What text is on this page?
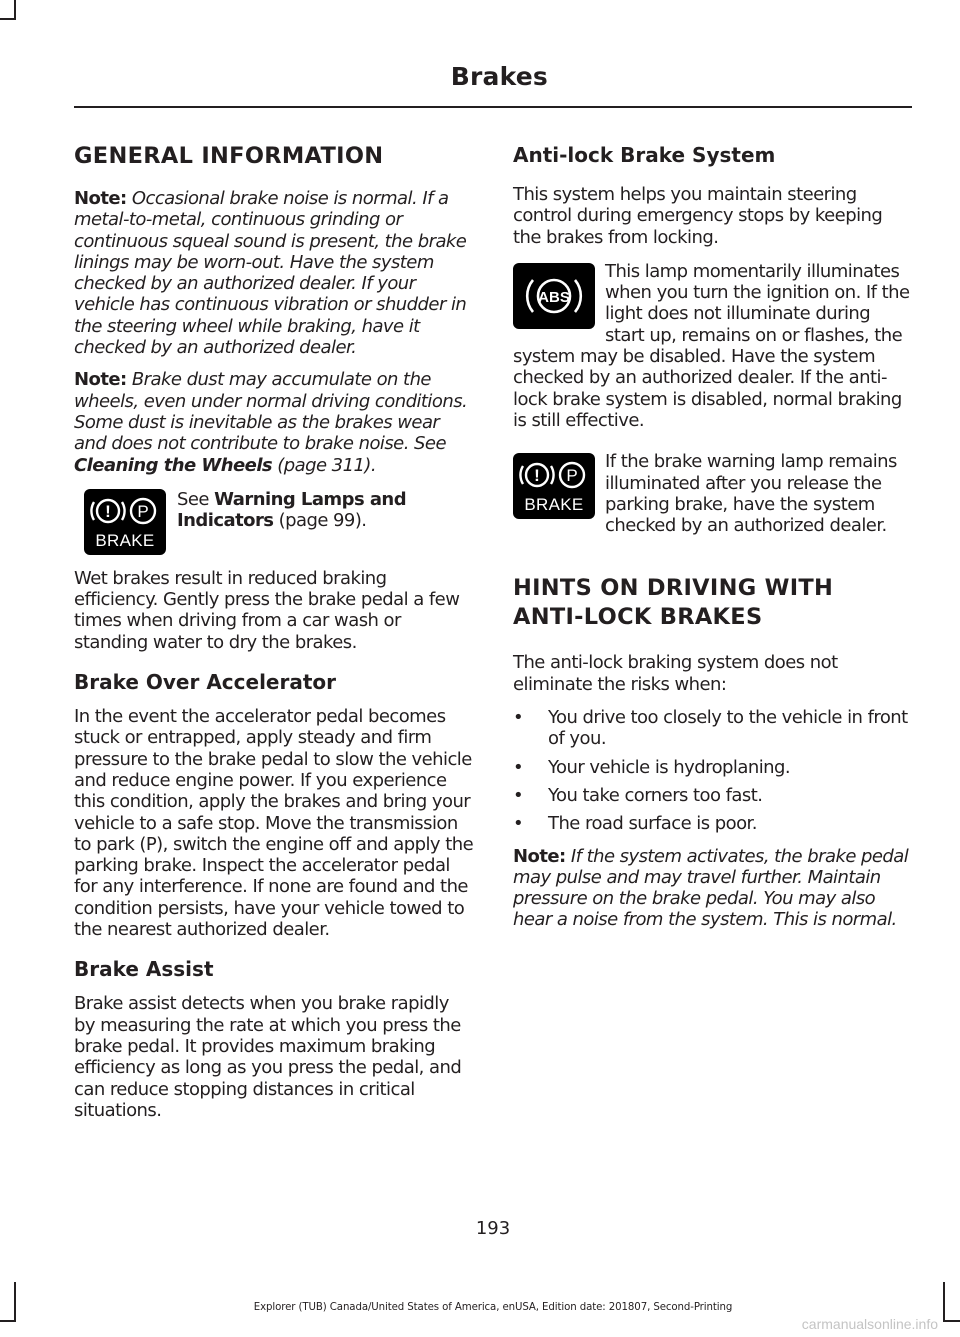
Brakes
GENERAL INFORMATION

Note: Occasional brake noise is normal. If a metal-to-metal, continuous grinding or continuous squeal sound is present, the brake linings may be worn-out. Have the system checked by an authorized dealer. If your vehicle has continuous vibration or shudder in the steering wheel while braking, have it checked by an authorized dealer.

Note: Brake dust may accumulate on the wheels, even under normal driving conditions. Some dust is inevitable as the brakes wear and does not contribute to brake noise. See Cleaning the Wheels (page 311).

! P
BRAKE

See Warning Lamps and Indicators (page 99).

Wet brakes result in reduced braking efficiency. Gently press the brake pedal a few times when driving from a car wash or standing water to dry the brakes.

Brake Over Accelerator

In the event the accelerator pedal becomes stuck or entrapped, apply steady and firm pressure to the brake pedal to slow the vehicle and reduce engine power. If you experience this condition, apply the brakes and bring your vehicle to a safe stop. Move the transmission to park (P), switch the engine off and apply the parking brake. Inspect the accelerator pedal for any interference. If none are found and the condition persists, have your vehicle towed to the nearest authorized dealer.

Brake Assist

Brake assist detects when you brake rapidly by measuring the rate at which you press the brake pedal. It provides maximum braking efficiency as long as you press the pedal, and can reduce stopping distances in critical situations.

Anti-lock Brake System

This system helps you maintain steering control during emergency stops by keeping the brakes from locking.

ABS

This lamp momentarily illuminates when you turn the ignition on. If the light does not illuminate during start up, remains on or flashes, the system may be disabled. Have the system checked by an authorized dealer. If the anti-lock brake system is disabled, normal braking is still effective.

! P
BRAKE

If the brake warning lamp remains illuminated after you release the parking brake, have the system checked by an authorized dealer.

HINTS ON DRIVING WITH
ANTI-LOCK BRAKES

The anti-lock braking system does not eliminate the risks when:

• You drive too closely to the vehicle in front of you.
• Your vehicle is hydroplaning.
• You take corners too fast.
• The road surface is poor.

Note: If the system activates, the brake pedal may pulse and may travel further. Maintain pressure on the brake pedal. You may also hear a noise from the system. This is normal.

193
Explorer (TUB) Canada/United States of America, enUSA, Edition date: 201807, Second-Printing
carmanualsonline.info
